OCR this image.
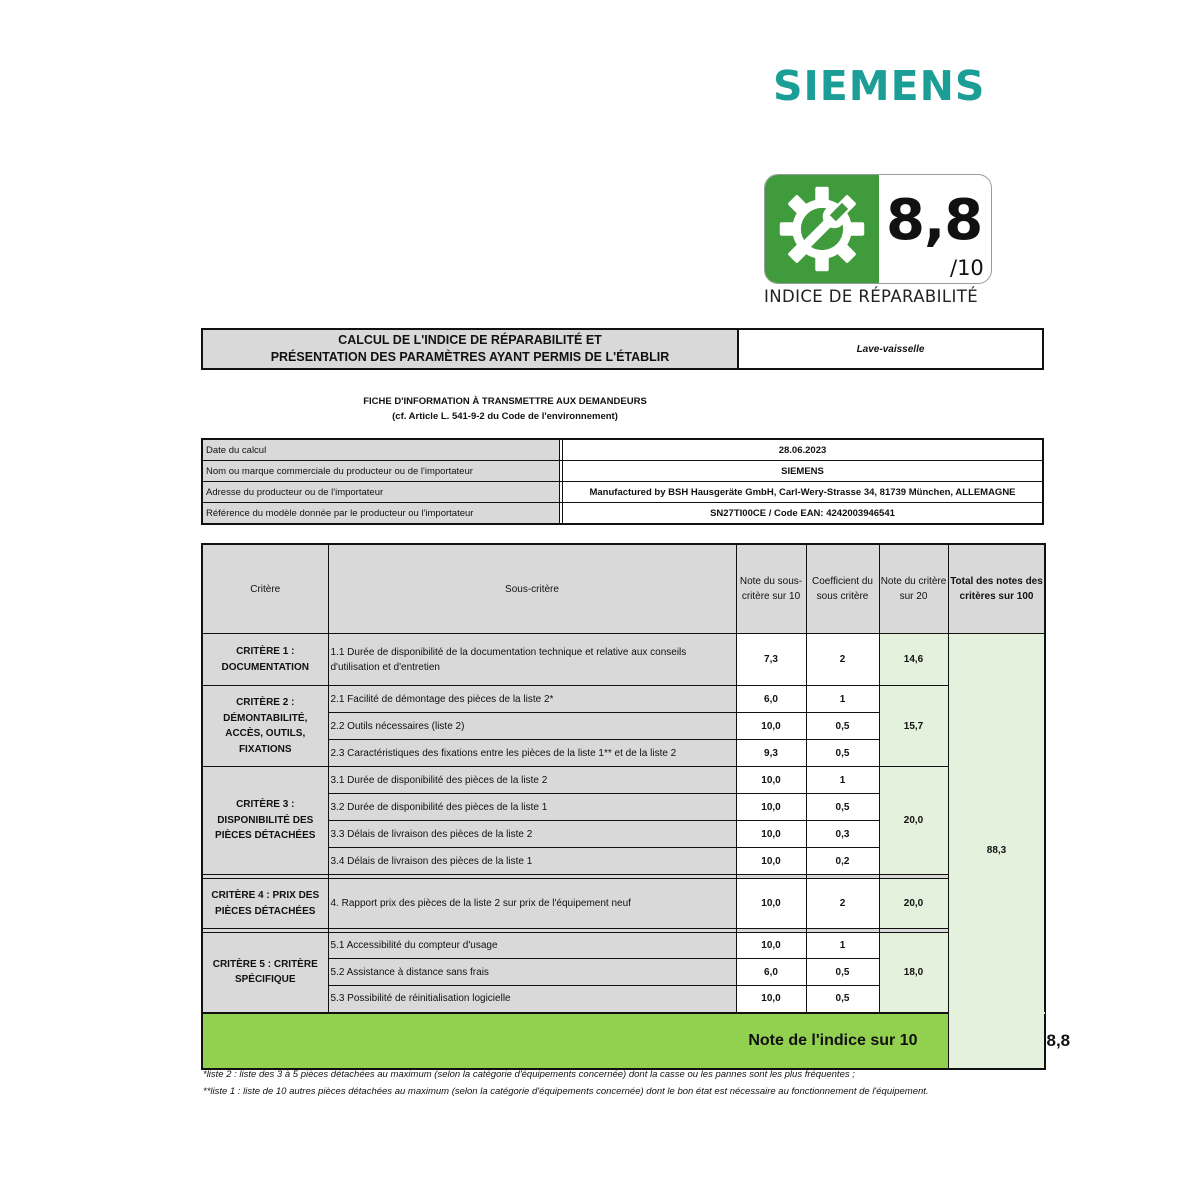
SIEMENS
8,8
/10
INDICE DE RÉPARABILITÉ
CALCUL DE L'INDICE DE RÉPARABILITÉ ET
PRÉSENTATION DES PARAMÈTRES AYANT PERMIS DE L'ÉTABLIR
Lave-vaisselle
FICHE D'INFORMATION À TRANSMETTRE AUX DEMANDEURS
(cf. Article L. 541-9-2 du Code de l'environnement)
Date du calcul		28.06.2023
Nom ou marque commerciale du producteur ou de l'importateur		SIEMENS
Adresse du producteur ou de l'importateur		Manufactured by BSH Hausgeräte GmbH, Carl-Wery-Strasse 34, 81739 München, ALLEMAGNE
Référence du modèle donnée par le producteur ou l'importateur		SN27TI00CE / Code EAN: 4242003946541
Critère	Sous-critère	Note du sous-critère sur 10	Coefficient du sous critère	Note du critère sur 20	Total des notes des critères sur 100	
CRITÈRE 1 : DOCUMENTATION	1.1 Durée de disponibilité de la documentation technique et relative aux conseils d'utilisation et d'entretien	7,3	2	14,6	88,3	
CRITÈRE 2 : DÉMONTABILITÉ, ACCÈS, OUTILS, FIXATIONS	2.1 Facilité de démontage des pièces de la liste 2*	6,0	1	15,7		
	2.2 Outils nécessaires (liste 2)	10,0	0,5			
	2.3 Caractéristiques des fixations entre les pièces de la liste 1** et de la liste 2	9,3	0,5			
CRITÈRE 3 : DISPONIBILITÉ DES PIÈCES DÉTACHÉES	3.1 Durée de disponibilité des pièces de la liste 2	10,0	1	20,0		
	3.2 Durée de disponibilité des pièces de la liste 1	10,0	0,5			
	3.3 Délais de livraison des pièces de la liste 2	10,0	0,3			
	3.4 Délais de livraison des pièces de la liste 1	10,0	0,2			

CRITÈRE 4 : PRIX DES PIÈCES DÉTACHÉES	4. Rapport prix des pièces de la liste 2 sur prix de l'équipement neuf	10,0	2	20,0		

CRITÈRE 5 : CRITÈRE SPÉCIFIQUE	5.1 Accessibilité du compteur d'usage	10,0	1	18,0		
	5.2 Assistance à distance sans frais	6,0	0,5			
	5.3 Possibilité de réinitialisation logicielle	10,0	0,5			
Note de l'indice sur 10						8,8
*liste 2 : liste des 3 à 5 pièces détachées au maximum (selon la catégorie d'équipements concernée) dont la casse ou les pannes sont les plus fréquentes ;
**liste 1 : liste de 10 autres pièces détachées au maximum (selon la catégorie d'équipements concernée) dont le bon état est nécessaire au fonctionnement de l'équipement.
